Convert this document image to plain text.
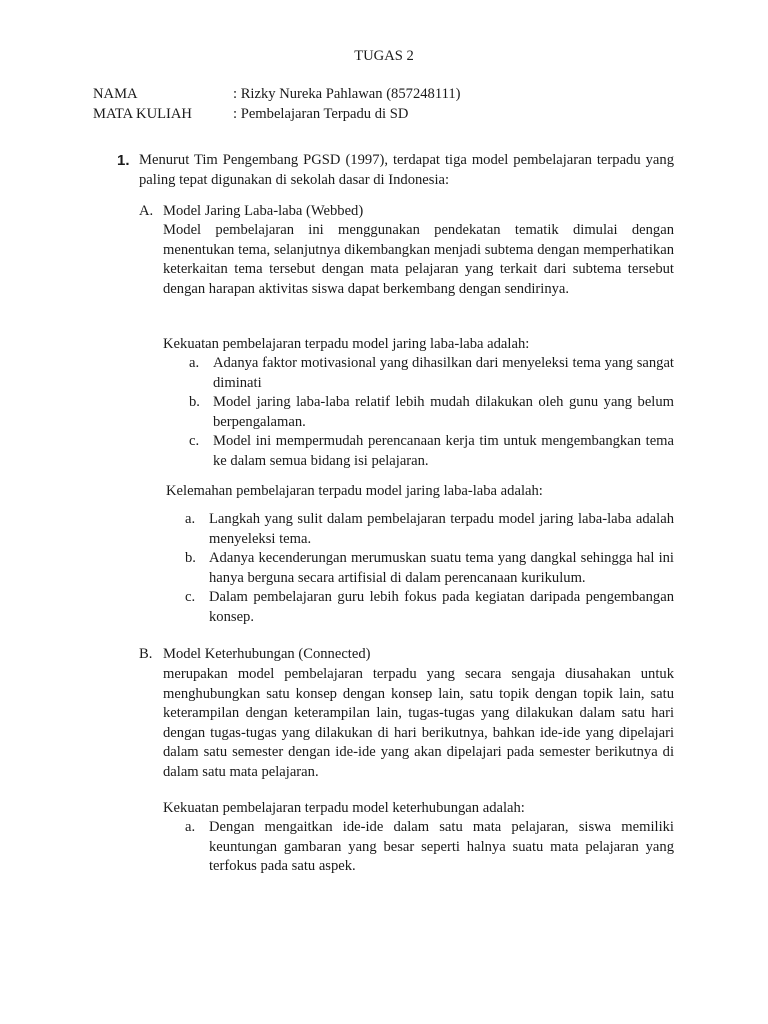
TUGAS 2
NAMA	: Rizky Nureka Pahlawan (857248111)
MATA KULIAH	: Pembelajaran Terpadu di SD
1. Menurut Tim Pengembang PGSD (1997), terdapat tiga model pembelajaran terpadu yang paling tepat digunakan di sekolah dasar di Indonesia:
A. Model Jaring Laba-laba (Webbed)
Model pembelajaran ini menggunakan pendekatan tematik dimulai dengan menentukan tema, selanjutnya dikembangkan menjadi subtema dengan memperhatikan keterkaitan tema tersebut dengan mata pelajaran yang terkait dari subtema tersebut dengan harapan aktivitas siswa dapat berkembang dengan sendirinya.
Kekuatan pembelajaran terpadu model jaring laba-laba adalah:
a. Adanya faktor motivasional yang dihasilkan dari menyeleksi tema yang sangat diminati
b. Model jaring laba-laba relatif lebih mudah dilakukan oleh gunu yang belum berpengalaman.
c. Model ini mempermudah perencanaan kerja tim untuk mengembangkan tema ke dalam semua bidang isi pelajaran.
Kelemahan pembelajaran terpadu model jaring laba-laba adalah:
a. Langkah yang sulit dalam pembelajaran terpadu model jaring laba-laba adalah menyeleksi tema.
b. Adanya kecenderungan merumuskan suatu tema yang dangkal sehingga hal ini hanya berguna secara artifisial di dalam perencanaan kurikulum.
c. Dalam pembelajaran guru lebih fokus pada kegiatan daripada pengembangan konsep.
B. Model Keterhubungan (Connected)
merupakan model pembelajaran terpadu yang secara sengaja diusahakan untuk menghubungkan satu konsep dengan konsep lain, satu topik dengan topik lain, satu keterampilan dengan keterampilan lain, tugas-tugas yang dilakukan dalam satu hari dengan tugas-tugas yang dilakukan di hari berikutnya, bahkan ide-ide yang dipelajari dalam satu semester dengan ide-ide yang akan dipelajari pada semester berikutnya di dalam satu mata pelajaran.
Kekuatan pembelajaran terpadu model keterhubungan adalah:
a. Dengan mengaitkan ide-ide dalam satu mata pelajaran, siswa memiliki keuntungan gambaran yang besar seperti halnya suatu mata pelajaran yang terfokus pada satu aspek.
